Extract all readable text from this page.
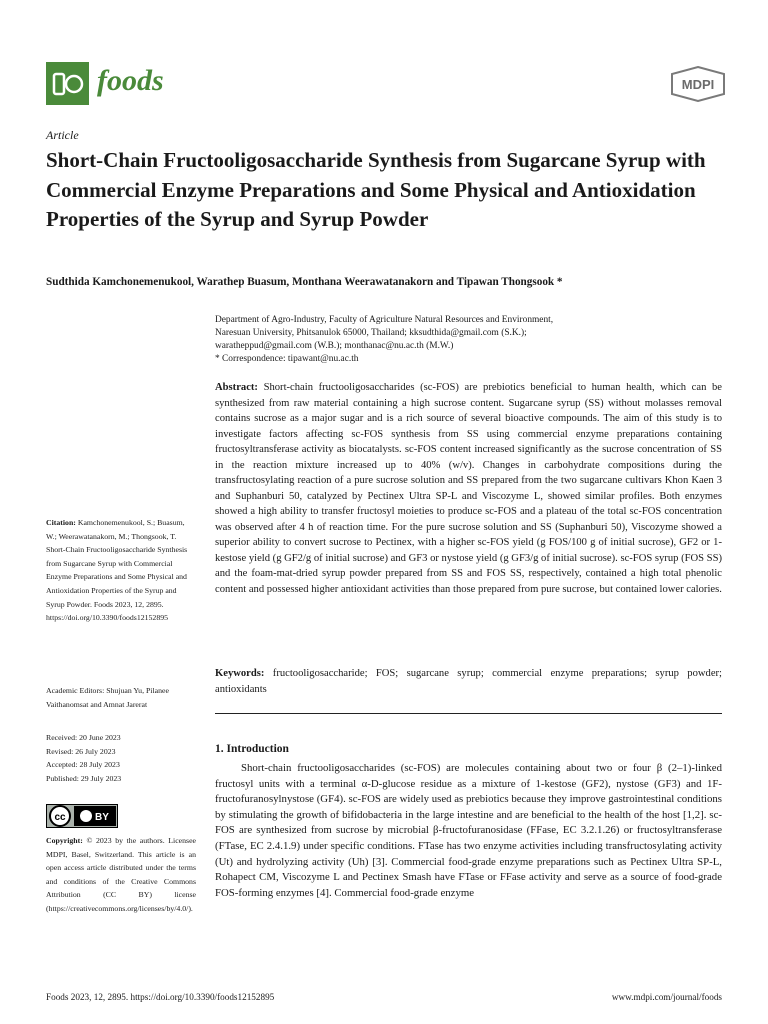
foods	MDPI
Article
Short-Chain Fructooligosaccharide Synthesis from Sugarcane Syrup with Commercial Enzyme Preparations and Some Physical and Antioxidation Properties of the Syrup and Syrup Powder
Sudthida Kamchonemenukool, Warathep Buasum, Monthana Weerawatanakorn and Tipawan Thongsook *
Department of Agro-Industry, Faculty of Agriculture Natural Resources and Environment,
Naresuan University, Phitsanulok 65000, Thailand; kksudthida@gmail.com (S.K.);
waratheppud@gmail.com (W.B.); monthanac@nu.ac.th (M.W.)
* Correspondence: tipawant@nu.ac.th
Abstract: Short-chain fructooligosaccharides (sc-FOS) are prebiotics beneficial to human health, which can be synthesized from raw material containing a high sucrose content. Sugarcane syrup (SS) without molasses removal contains sucrose as a major sugar and is a rich source of several bioactive compounds. The aim of this study is to investigate factors affecting sc-FOS synthesis from SS using commercial enzyme preparations containing fructosyltransferase activity as biocatalysts. sc-FOS content increased significantly as the sucrose concentration of SS in the reaction mixture increased up to 40% (w/v). Changes in carbohydrate compositions during the transfructosylating reaction of a pure sucrose solution and SS prepared from the two sugarcane cultivars Khon Kaen 3 and Suphanburi 50, catalyzed by Pectinex Ultra SP-L and Viscozyme L, showed similar profiles. Both enzymes showed a high ability to transfer fructosyl moieties to produce sc-FOS and a plateau of the total sc-FOS concentration was observed after 4 h of reaction time. For the pure sucrose solution and SS (Suphanburi 50), Viscozyme showed a superior ability to convert sucrose to Pectinex, with a higher sc-FOS yield (g FOS/100 g of initial sucrose), GF2 or 1-kestose yield (g GF2/g of initial sucrose) and GF3 or nystose yield (g GF3/g of initial sucrose). sc-FOS syrup (FOS SS) and the foam-mat-dried syrup powder prepared from SS and FOS SS, respectively, contained a high total phenolic content and possessed higher antioxidant activities than those prepared from pure sucrose, but contained lower calories.
Keywords: fructooligosaccharide; FOS; sugarcane syrup; commercial enzyme preparations; syrup powder; antioxidants
1. Introduction
Short-chain fructooligosaccharides (sc-FOS) are molecules containing about two or four β (2–1)-linked fructosyl units with a terminal α-D-glucose residue as a mixture of 1-kestose (GF2), nystose (GF3) and 1F-fructofuranosylnystose (GF4). sc-FOS are widely used as prebiotics because they improve gastrointestinal conditions by stimulating the growth of bifidobacteria in the large intestine and are beneficial to the health of the host [1,2]. sc-FOS are synthesized from sucrose by microbial β-fructofuranosidase (FFase, EC 3.2.1.26) or fructosyltransferase (FTase, EC 2.4.1.9) under specific conditions. FTase has two enzyme activities including transfructosylating activity (Ut) and hydrolyzing activity (Uh) [3]. Commercial food-grade enzyme preparations such as Pectinex Ultra SP-L, Rohapect CM, Viscozyme L and Pectinex Smash have FTase or FFase activity and serve as a source of food-grade FOS-forming enzymes [4]. Commercial food-grade enzyme
Citation: Kamchonemenukool, S.; Buasum, W.; Weerawatanakorn, M.; Thongsook, T. Short-Chain Fructooligosaccharide Synthesis from Sugarcane Syrup with Commercial Enzyme Preparations and Some Physical and Antioxidation Properties of the Syrup and Syrup Powder. Foods 2023, 12, 2895. https://doi.org/10.3390/foods12152895
Academic Editors: Shujuan Yu, Pilanee Vaithanomsat and Amnat Jarerat
Received: 20 June 2023
Revised: 26 July 2023
Accepted: 28 July 2023
Published: 29 July 2023
cc	BY
Copyright: © 2023 by the authors. Licensee MDPI, Basel, Switzerland. This article is an open access article distributed under the terms and conditions of the Creative Commons Attribution (CC BY) license (https://creativecommons.org/licenses/by/4.0/).
Foods 2023, 12, 2895. https://doi.org/10.3390/foods12152895	www.mdpi.com/journal/foods
